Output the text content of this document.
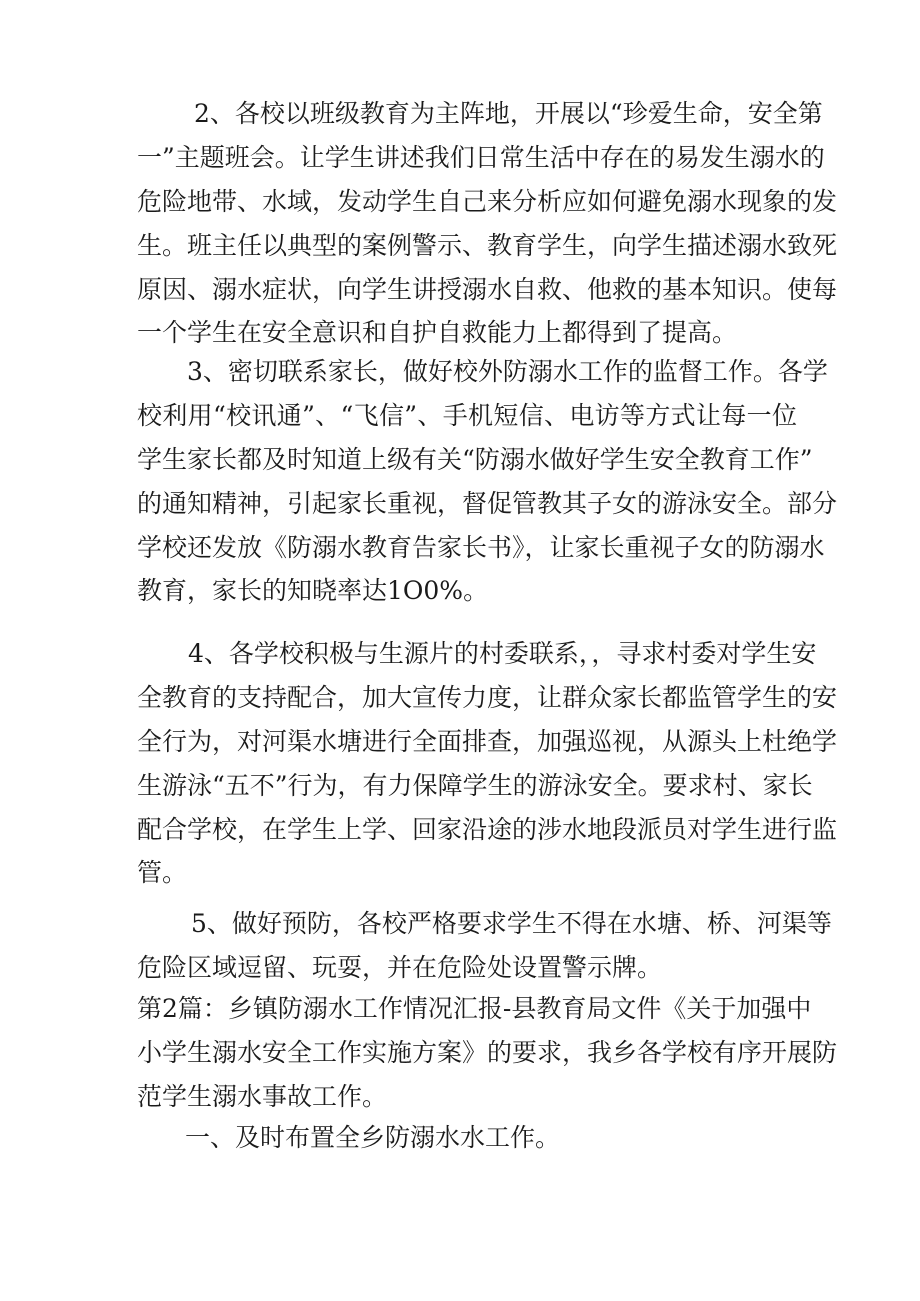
2、各校以班级教育为主阵地，开展以“珍爱生命，安全第
一”主题班会。让学生讲述我们日常生活中存在的易发生溺水的
危险地带、水域，发动学生自己来分析应如何避免溺水现象的发
生。班主任以典型的案例警示、教育学生，向学生描述溺水致死
原因、溺水症状，向学生讲授溺水自救、他救的基本知识。使每
一个学生在安全意识和自护自救能力上都得到了提高。
3、密切联系家长，做好校外防溺水工作的监督工作。各学
校利用“校讯通”、“飞信”、手机短信、电访等方式让每一位
学生家长都及时知道上级有关“防溺水做好学生安全教育工作”
的通知精神，引起家长重视，督促管教其子女的游泳安全。部分
学校还发放《防溺水教育告家长书》，让家长重视子女的防溺水
教育，家长的知晓率达1O0%。
4、各学校积极与生源片的村委联系，，寻求村委对学生安
全教育的支持配合，加大宣传力度，让群众家长都监管学生的安
全行为，对河渠水塘进行全面排查，加强巡视，从源头上杜绝学
生游泳“五不”行为，有力保障学生的游泳安全。要求村、家长
配合学校，在学生上学、回家沿途的涉水地段派员对学生进行监
管。
5、做好预防，各校严格要求学生不得在水塘、桥、河渠等
危险区域逗留、玩耍，并在危险处设置警示牌。
第2篇：乡镇防溺水工作情况汇报-县教育局文件《关于加强中
小学生溺水安全工作实施方案》的要求，我乡各学校有序开展防
范学生溺水事故工作。
一、及时布置全乡防溺水水工作。
